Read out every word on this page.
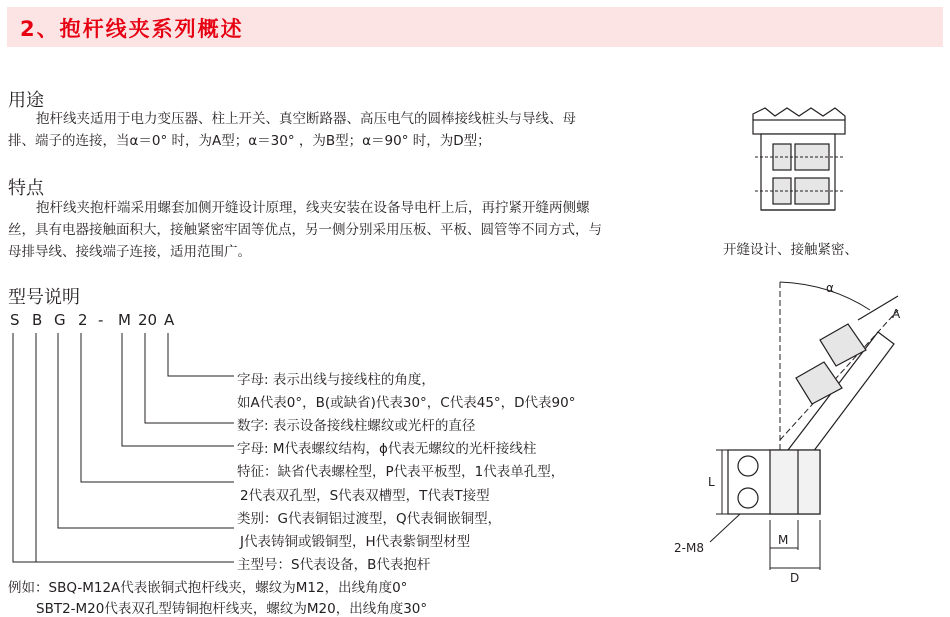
2、抱杆线夹系列概述
用途
抱杆线夹适用于电力变压器、柱上开关、真空断路器、高压电气的圆棒接线桩头与导线、母
排、端子的连接，当α＝0° 时，为A型；α＝30° ，为B型；α＝90° 时，为D型；
特点
抱杆线夹抱杆端采用螺套加侧开缝设计原理，线夹安装在设备导电杆上后，再拧紧开缝两侧螺
丝，具有电器接触面积大，接触紧密牢固等优点，另一侧分别采用压板、平板、圆管等不同方式，与
母排导线、接线端子连接，适用范围广。
型号说明
S B G 2 - M 20 A
字母: 表示出线与接线柱的角度，
如A代表0°，B(或缺省)代表30°，C代表45°，D代表90°
数字: 表示设备接线柱螺纹或光杆的直径
字母: M代表螺纹结构，ϕ代表无螺纹的光杆接线柱
特征：缺省代表螺栓型，P代表平板型，1代表单孔型，
2代表双孔型，S代表双槽型，T代表T接型
类别：G代表铜铝过渡型，Q代表铜嵌铜型，
J代表铸铜或锻铜型，H代表紫铜型材型
主型号：S代表设备，B代表抱杆
例如：SBQ-M12A代表嵌铜式抱杆线夹，螺纹为M12，出线角度0°
SBT2-M20代表双孔型铸铜抱杆线夹，螺纹为M20，出线角度30°
开缝设计、接触紧密、
α
A
L
M
D
2-M8
